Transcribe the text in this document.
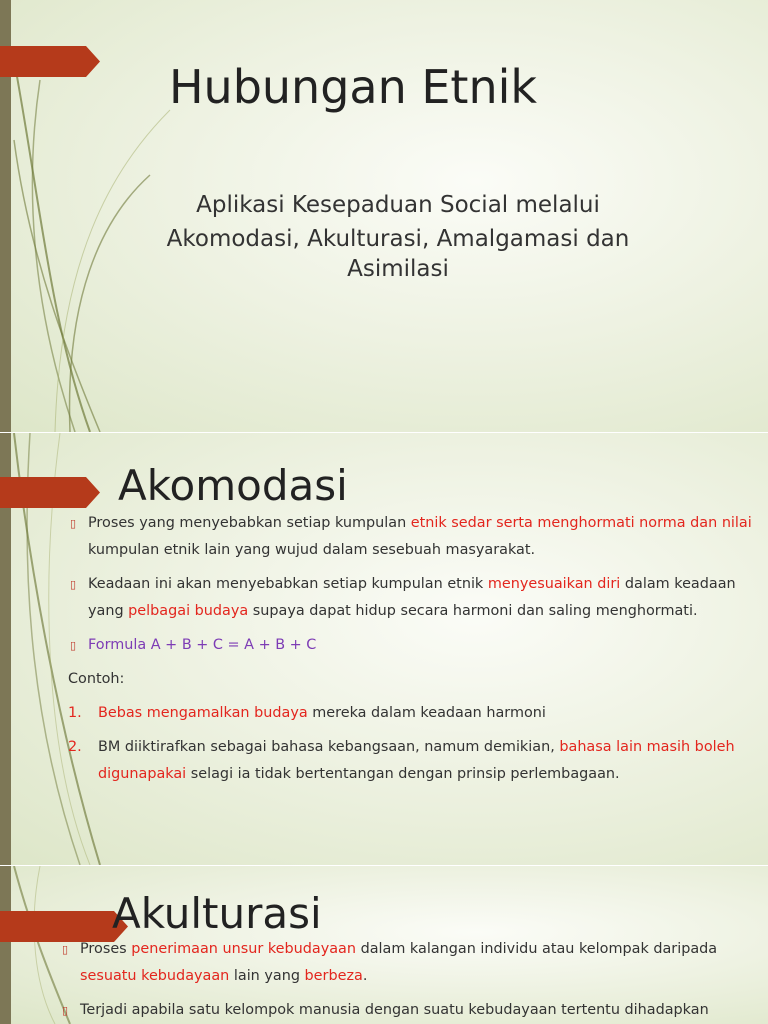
Hubungan Etnik
Aplikasi Kesepaduan Social melalui
Akomodasi, Akulturasi, Amalgamasi dan
Asimilasi
Akomodasi
▯ Proses yang menyebabkan setiap kumpulan etnik sedar serta menghormati norma dan nilai kumpulan etnik lain yang wujud dalam sesebuah masyarakat.
▯ Keadaan ini akan menyebabkan setiap kumpulan etnik menyesuaikan diri dalam keadaan yang pelbagai budaya supaya dapat hidup secara harmoni dan saling menghormati.
▯ Formula A + B + C = A + B + C
Contoh:
1. Bebas mengamalkan budaya mereka dalam keadaan harmoni
2. BM diiktirafkan sebagai bahasa kebangsaan, namum demikian, bahasa lain masih boleh digunapakai selagi ia tidak bertentangan dengan prinsip perlembagaan.
Akulturasi
▯ Proses penerimaan unsur kebudayaan dalam kalangan individu atau kelompak daripada sesuatu kebudayaan lain yang berbeza.
▯ Terjadi apabila satu kelompok manusia dengan suatu kebudayaan tertentu dihadapkan
